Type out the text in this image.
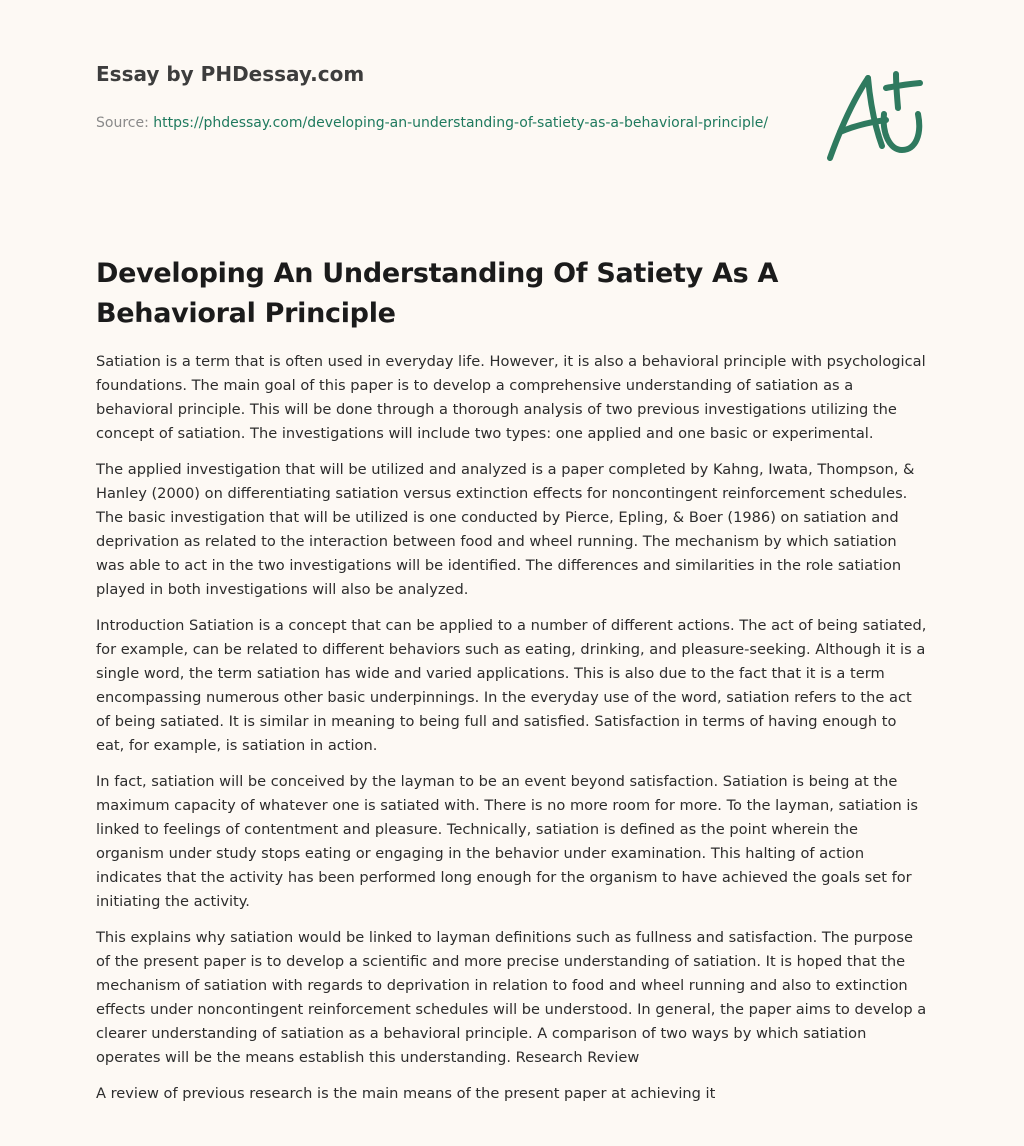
Essay by PHDessay.com
Source: https://phdessay.com/developing-an-understanding-of-satiety-as-a-behavioral-principle/
Developing An Understanding Of Satiety As A Behavioral Principle

Satiation is a term that is often used in everyday life. However, it is also a behavioral principle with psychological foundations. The main goal of this paper is to develop a comprehensive understanding of satiation as a behavioral principle. This will be done through a thorough analysis of two previous investigations utilizing the concept of satiation. The investigations will include two types: one applied and one basic or experimental.

The applied investigation that will be utilized and analyzed is a paper completed by Kahng, Iwata, Thompson, & Hanley (2000) on differentiating satiation versus extinction effects for noncontingent reinforcement schedules. The basic investigation that will be utilized is one conducted by Pierce, Epling, & Boer (1986) on satiation and deprivation as related to the interaction between food and wheel running. The mechanism by which satiation was able to act in the two investigations will be identified. The differences and similarities in the role satiation played in both investigations will also be analyzed.

Introduction Satiation is a concept that can be applied to a number of different actions. The act of being satiated, for example, can be related to different behaviors such as eating, drinking, and pleasure-seeking. Although it is a single word, the term satiation has wide and varied applications. This is also due to the fact that it is a term encompassing numerous other basic underpinnings. In the everyday use of the word, satiation refers to the act of being satiated. It is similar in meaning to being full and satisfied. Satisfaction in terms of having enough to eat, for example, is satiation in action.

In fact, satiation will be conceived by the layman to be an event beyond satisfaction. Satiation is being at the maximum capacity of whatever one is satiated with. There is no more room for more. To the layman, satiation is linked to feelings of contentment and pleasure. Technically, satiation is defined as the point wherein the organism under study stops eating or engaging in the behavior under examination. This halting of action indicates that the activity has been performed long enough for the organism to have achieved the goals set for initiating the activity.

This explains why satiation would be linked to layman definitions such as fullness and satisfaction. The purpose of the present paper is to develop a scientific and more precise understanding of satiation. It is hoped that the mechanism of satiation with regards to deprivation in relation to food and wheel running and also to extinction effects under noncontingent reinforcement schedules will be understood. In general, the paper aims to develop a clearer understanding of satiation as a behavioral principle. A comparison of two ways by which satiation operates will be the means establish this understanding. Research Review

A review of previous research is the main means of the present paper at achieving it
